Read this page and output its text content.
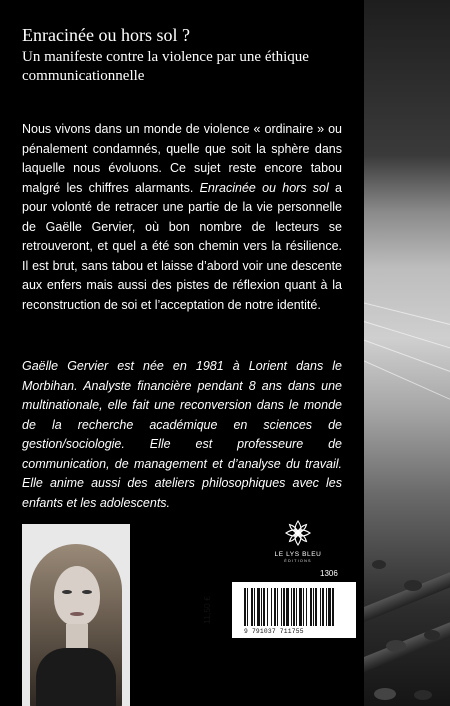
Enracinée ou hors sol ?
Un manifeste contre la violence par une éthique communicationnelle

Nous vivons dans un monde de violence « ordinaire » ou pénalement condamnés, quelle que soit la sphère dans laquelle nous évoluons. Ce sujet reste encore tabou malgré les chiffres alarmants. Enracinée ou hors sol a pour volonté de retracer une partie de la vie personnelle de Gaëlle Gervier, où bon nombre de lecteurs se retrouveront, et quel a été son chemin vers la résilience. Il est brut, sans tabou et laisse d’abord voir une descente aux enfers mais aussi des pistes de réflexion quant à la reconstruction de soi et l’acceptation de notre identité.

Gaëlle Gervier est née en 1981 à Lorient dans le Morbihan. Analyste financière pendant 8 ans dans une multinationale, elle fait une reconversion dans le monde de la recherche académique en sciences de gestion/sociologie. Elle est professeure de communication, de management et d’analyse du travail. Elle anime aussi des ateliers philosophiques avec les enfants et les adolescents.

LE LYS BLEU
ÉDITIONS
1306
11,50 €
9 791037 711755
